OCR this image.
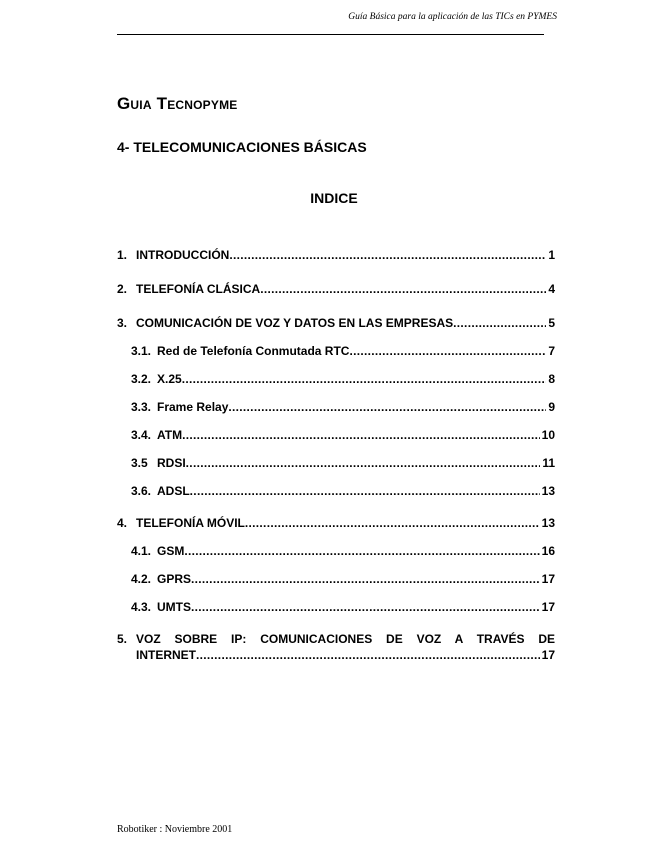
Guía Básica para la aplicación de las TICs en PYMES
Guia Tecnopyme
4- TELECOMUNICACIONES BÁSICAS
INDICE
1. INTRODUCCIÓN .....	1
2. TELEFONÍA CLÁSICA .....	4
3. COMUNICACIÓN DE VOZ Y DATOS EN LAS EMPRESAS .....	5
3.1. Red de Telefonía Conmutada RTC .....	7
3.2. X.25 .....	8
3.3. Frame Relay .....	9
3.4. ATM .....	10
3.5 RDSI .....	11
3.6. ADSL .....	13
4. TELEFONÍA MÓVIL .....	13
4.1. GSM .....	16
4.2. GPRS .....	17
4.3. UMTS .....	17
5. VOZ SOBRE IP: COMUNICACIONES DE VOZ A TRAVÉS DE
INTERNET .....	17
Robotiker : Noviembre 2001
